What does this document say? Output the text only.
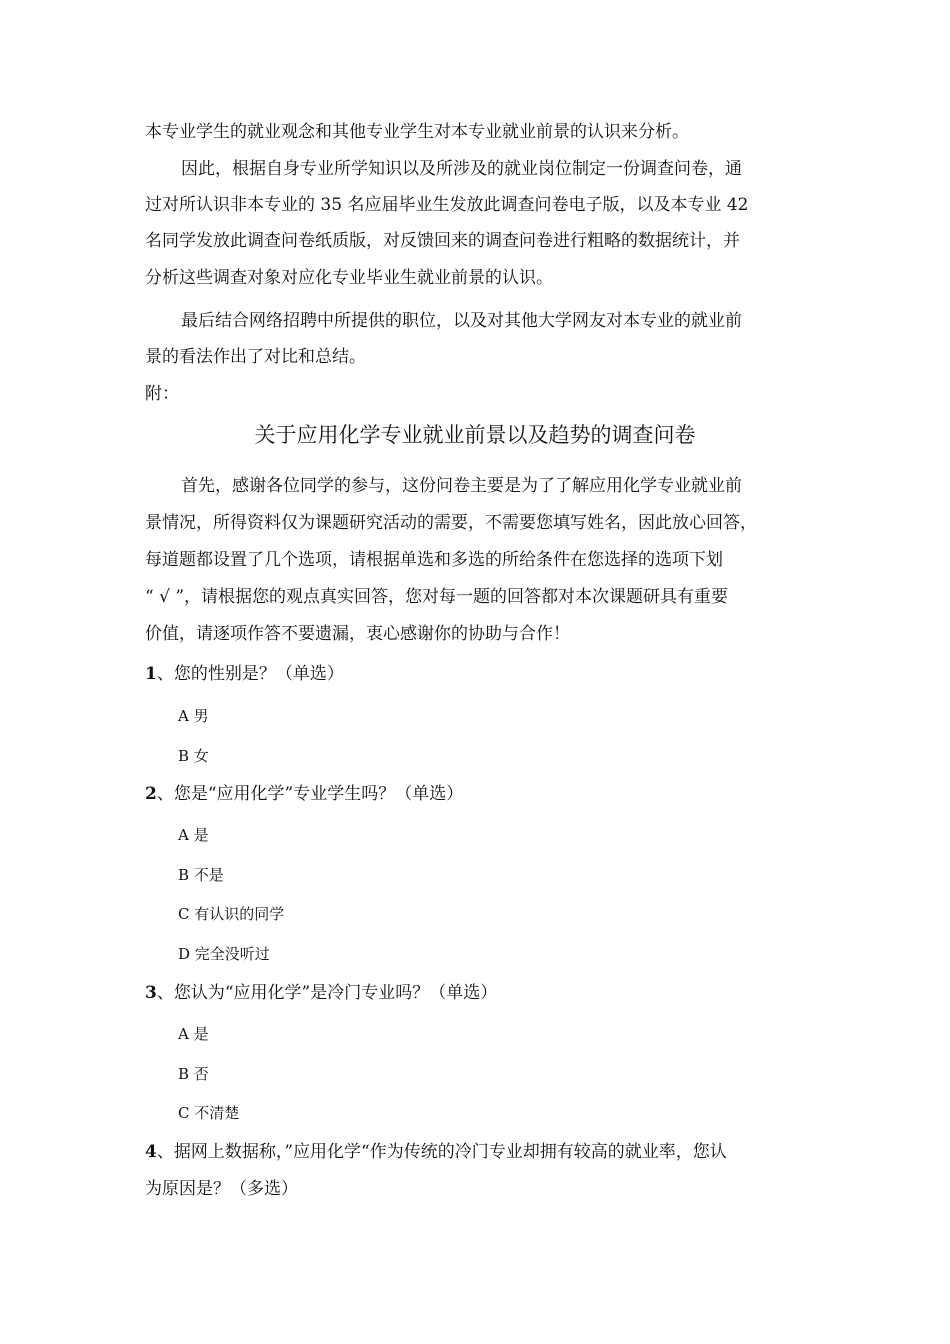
本专业学生的就业观念和其他专业学生对本专业就业前景的认识来分析。
因此，根据自身专业所学知识以及所涉及的就业岗位制定一份调查问卷，通
过对所认识非本专业的 35 名应届毕业生发放此调查问卷电子版，以及本专业 42
名同学发放此调查问卷纸质版，对反馈回来的调查问卷进行粗略的数据统计，并
分析这些调查对象对应化专业毕业生就业前景的认识。
最后结合网络招聘中所提供的职位，以及对其他大学网友对本专业的就业前
景的看法作出了对比和总结。
附：
关于应用化学专业就业前景以及趋势的调查问卷
首先，感谢各位同学的参与，这份问卷主要是为了了解应用化学专业就业前
景情况，所得资料仅为课题研究活动的需要，不需要您填写姓名，因此放心回答，
每道题都设置了几个选项，请根据单选和多选的所给条件在您选择的选项下划
“ √ ”，请根据您的观点真实回答，您对每一题的回答都对本次课题研具有重要
价值，请逐项作答不要遗漏，衷心感谢你的协助与合作！
1、您的性别是？（单选）
A 男
B 女
2、您是“应用化学”专业学生吗？（单选）
A 是
B 不是
C 有认识的同学
D 完全没听过
3、您认为“应用化学”是冷门专业吗？（单选）
A 是
B 否
C 不清楚
4、据网上数据称，”应用化学“作为传统的冷门专业却拥有较高的就业率，您认
为原因是？（多选）
